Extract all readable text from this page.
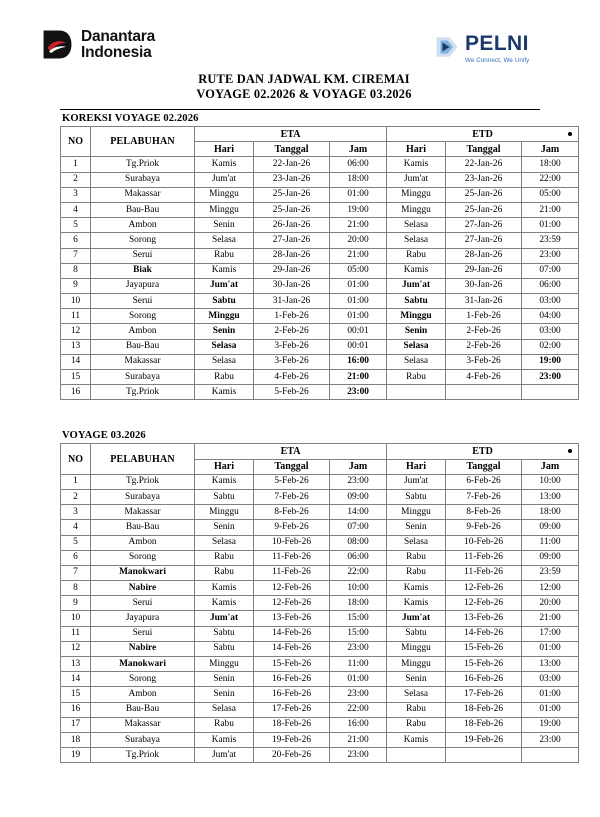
Danantara
Indonesia	PELNI
We Connect, We Unify
RUTE DAN JADWAL KM. CIREMAI
VOYAGE 02.2026 & VOYAGE 03.2026
KOREKSI VOYAGE 02.2026
NO	PELABUHAN	ETA			ETD		

		Hari	Tanggal	Jam	Hari	Tanggal	Jam
1	Tg.Priok	Kamis	22-Jan-26	06:00	Kamis	22-Jan-26	18:00
2	Surabaya	Jum'at	23-Jan-26	18:00	Jum'at	23-Jan-26	22:00
3	Makassar	Minggu	25-Jan-26	01:00	Minggu	25-Jan-26	05:00
4	Bau-Bau	Minggu	25-Jan-26	19:00	Minggu	25-Jan-26	21:00
5	Ambon	Senin	26-Jan-26	21:00	Selasa	27-Jan-26	01:00
6	Sorong	Selasa	27-Jan-26	20:00	Selasa	27-Jan-26	23:59
7	Serui	Rabu	28-Jan-26	21:00	Rabu	28-Jan-26	23:00
8	Biak	Kamis	29-Jan-26	05:00	Kamis	29-Jan-26	07:00
9	Jayapura	Jum'at	30-Jan-26	01:00	Jum'at	30-Jan-26	06:00
10	Serui	Sabtu	31-Jan-26	01:00	Sabtu	31-Jan-26	03:00
11	Sorong	Minggu	1-Feb-26	01:00	Minggu	1-Feb-26	04:00
12	Ambon	Senin	2-Feb-26	00:01	Senin	2-Feb-26	03:00
13	Bau-Bau	Selasa	3-Feb-26	00:01	Selasa	2-Feb-26	02:00
14	Makassar	Selasa	3-Feb-26	16:00	Selasa	3-Feb-26	19:00
15	Surabaya	Rabu	4-Feb-26	21:00	Rabu	4-Feb-26	23:00
16	Tg.Priok	Kamis	5-Feb-26	23:00			
VOYAGE 03.2026
NO	PELABUHAN	ETA			ETD		

		Hari	Tanggal	Jam	Hari	Tanggal	Jam
1	Tg.Priok	Kamis	5-Feb-26	23:00	Jum'at	6-Feb-26	10:00
2	Surabaya	Sabtu	7-Feb-26	09:00	Sabtu	7-Feb-26	13:00
3	Makassar	Minggu	8-Feb-26	14:00	Minggu	8-Feb-26	18:00
4	Bau-Bau	Senin	9-Feb-26	07:00	Senin	9-Feb-26	09:00
5	Ambon	Selasa	10-Feb-26	08:00	Selasa	10-Feb-26	11:00
6	Sorong	Rabu	11-Feb-26	06:00	Rabu	11-Feb-26	09:00
7	Manokwari	Rabu	11-Feb-26	22:00	Rabu	11-Feb-26	23:59
8	Nabire	Kamis	12-Feb-26	10:00	Kamis	12-Feb-26	12:00
9	Serui	Kamis	12-Feb-26	18:00	Kamis	12-Feb-26	20:00
10	Jayapura	Jum'at	13-Feb-26	15:00	Jum'at	13-Feb-26	21:00
11	Serui	Sabtu	14-Feb-26	15:00	Sabtu	14-Feb-26	17:00
12	Nabire	Sabtu	14-Feb-26	23:00	Minggu	15-Feb-26	01:00
13	Manokwari	Minggu	15-Feb-26	11:00	Minggu	15-Feb-26	13:00
14	Sorong	Senin	16-Feb-26	01:00	Senin	16-Feb-26	03:00
15	Ambon	Senin	16-Feb-26	23:00	Selasa	17-Feb-26	01:00
16	Bau-Bau	Selasa	17-Feb-26	22:00	Rabu	18-Feb-26	01:00
17	Makassar	Rabu	18-Feb-26	16:00	Rabu	18-Feb-26	19:00
18	Surabaya	Kamis	19-Feb-26	21:00	Kamis	19-Feb-26	23:00
19	Tg.Priok	Jum'at	20-Feb-26	23:00			
